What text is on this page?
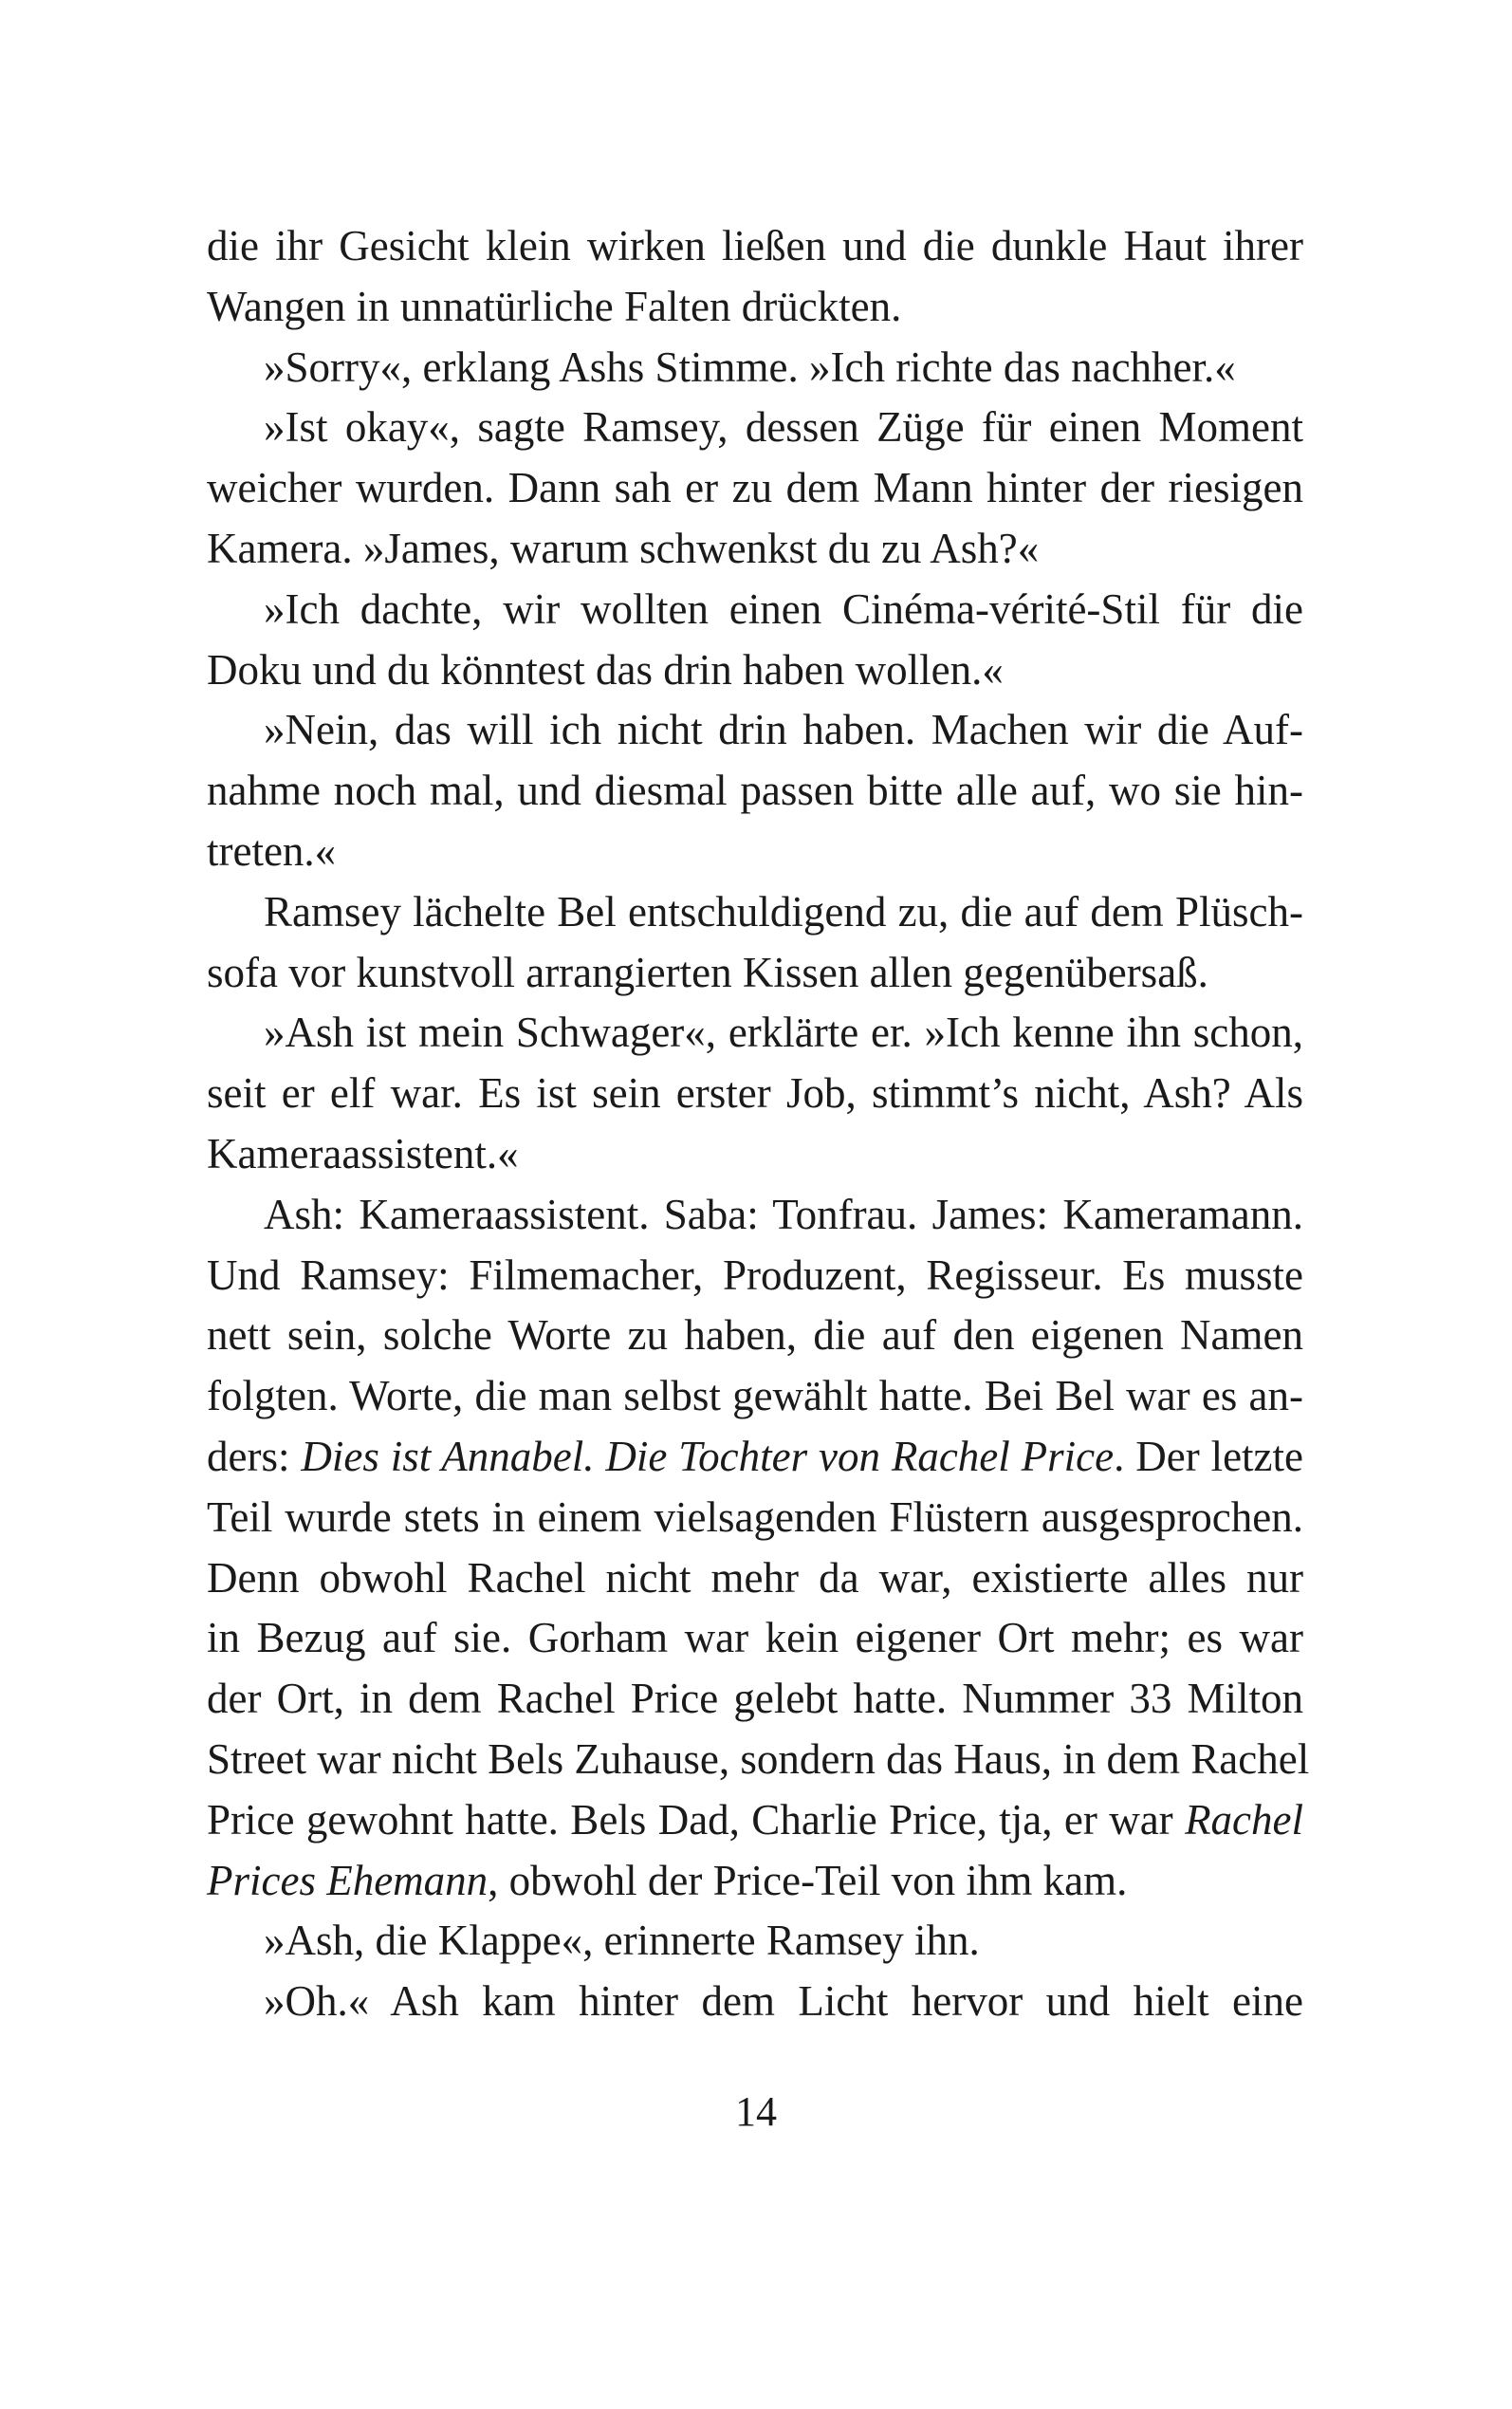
die ihr Gesicht klein wirken ließen und die dunkle Haut ihrer
Wangen in unnatürliche Falten drückten.
»Sorry«, erklang Ashs Stimme. »Ich richte das nachher.«
»Ist okay«, sagte Ramsey, dessen Züge für einen Moment
weicher wurden. Dann sah er zu dem Mann hinter der riesigen
Kamera. »James, warum schwenkst du zu Ash?«
»Ich dachte, wir wollten einen Cinéma-vérité-Stil für die
Doku und du könntest das drin haben wollen.«
»Nein, das will ich nicht drin haben. Machen wir die Auf-
nahme noch mal, und diesmal passen bitte alle auf, wo sie hin-
treten.«
Ramsey lächelte Bel entschuldigend zu, die auf dem Plüsch-
sofa vor kunstvoll arrangierten Kissen allen gegenübersaß.
»Ash ist mein Schwager«, erklärte er. »Ich kenne ihn schon,
seit er elf war. Es ist sein erster Job, stimmt’s nicht, Ash? Als
Kameraassistent.«
Ash: Kameraassistent. Saba: Tonfrau. James: Kameramann.
Und Ramsey: Filmemacher, Produzent, Regisseur. Es musste
nett sein, solche Worte zu haben, die auf den eigenen Namen
folgten. Worte, die man selbst gewählt hatte. Bei Bel war es an-
ders: Dies ist Annabel. Die Tochter von Rachel Price. Der letzte
Teil wurde stets in einem vielsagenden Flüstern ausgesprochen.
Denn obwohl Rachel nicht mehr da war, existierte alles nur
in Bezug auf sie. Gorham war kein eigener Ort mehr; es war
der Ort, in dem Rachel Price gelebt hatte. Nummer 33 Milton
Street war nicht Bels Zuhause, sondern das Haus, in dem Rachel
Price gewohnt hatte. Bels Dad, Charlie Price, tja, er war Rachel
Prices Ehemann, obwohl der Price-Teil von ihm kam.
»Ash, die Klappe«, erinnerte Ramsey ihn.
»Oh.« Ash kam hinter dem Licht hervor und hielt eine
14
